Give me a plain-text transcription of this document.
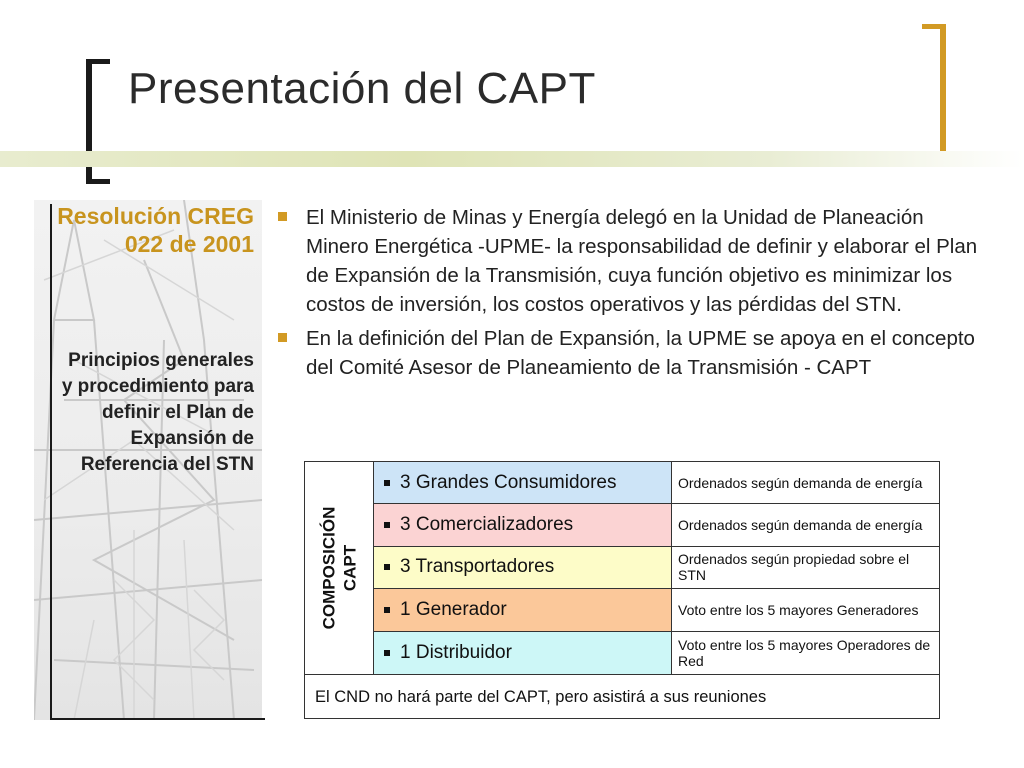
Presentación del CAPT
Resolución CREG 022 de 2001
Principios generales y procedimiento para definir el Plan de Expansión de Referencia del STN
El Ministerio de Minas y Energía delegó en la Unidad de Planeación Minero Energética -UPME- la responsabilidad de definir y elaborar el Plan de Expansión de la Transmisión, cuya función objetivo es minimizar los costos de inversión, los costos operativos y las pérdidas del STN.
En la definición del Plan de Expansión, la UPME se apoya en el concepto del Comité Asesor de Planeamiento de la Transmisión - CAPT
COMPOSICIÓN CAPT
3 Grandes Consumidores	Ordenados según demanda de energía
3 Comercializadores	Ordenados según demanda de energía
3 Transportadores	Ordenados según propiedad sobre el STN
1 Generador	Voto entre los 5 mayores Generadores
1 Distribuidor	Voto entre los 5 mayores Operadores de Red
El CND no hará parte del CAPT, pero asistirá a sus reuniones
